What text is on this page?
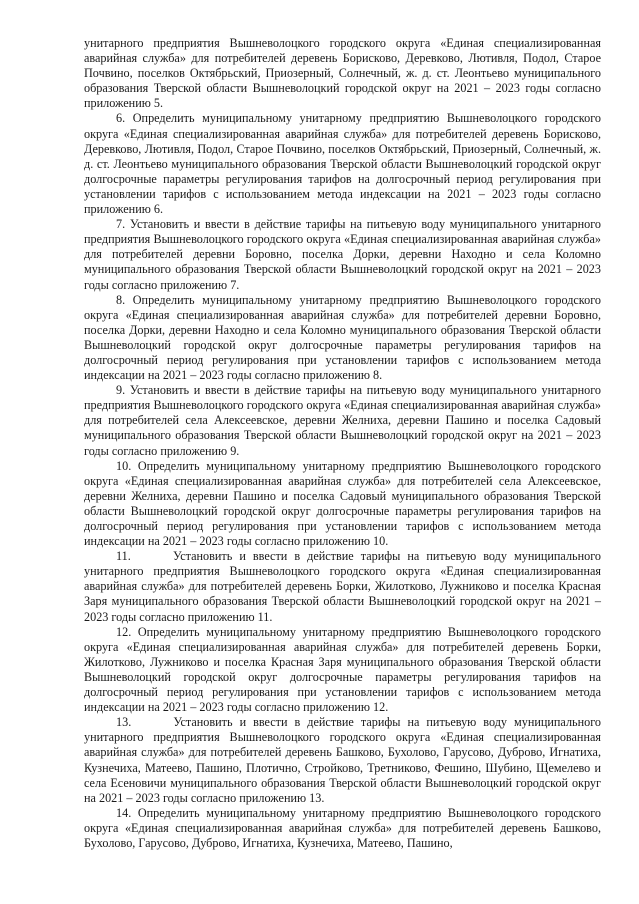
унитарного предприятия Вышневолоцкого городского округа «Единая специализированная аварийная служба» для потребителей деревень Борисково, Деревково, Лютивля, Подол, Старое Почвино, поселков Октябрьский, Приозерный, Солнечный, ж. д. ст. Леонтьево муниципального образования Тверской области Вышневолоцкий городской округ на 2021 – 2023 годы согласно приложению 5.

6. Определить муниципальному унитарному предприятию Вышневолоцкого городского округа «Единая специализированная аварийная служба» для потребителей деревень Борисково, Деревково, Лютивля, Подол, Старое Почвино, поселков Октябрьский, Приозерный, Солнечный, ж. д. ст. Леонтьево муниципального образования Тверской области Вышневолоцкий городской округ долгосрочные параметры регулирования тарифов на долгосрочный период регулирования при установлении тарифов с использованием метода индексации на 2021 – 2023 годы согласно приложению 6.

7. Установить и ввести в действие тарифы на питьевую воду муниципального унитарного предприятия Вышневолоцкого городского округа «Единая специализированная аварийная служба» для потребителей деревни Боровно, поселка Дорки, деревни Находно и села Коломно муниципального образования Тверской области Вышневолоцкий городской округ на 2021 – 2023 годы согласно приложению 7.

8. Определить муниципальному унитарному предприятию Вышневолоцкого городского округа «Единая специализированная аварийная служба» для потребителей деревни Боровно, поселка Дорки, деревни Находно и села Коломно муниципального образования Тверской области Вышневолоцкий городской округ долгосрочные параметры регулирования тарифов на долгосрочный период регулирования при установлении тарифов с использованием метода индексации на 2021 – 2023 годы согласно приложению 8.

9. Установить и ввести в действие тарифы на питьевую воду муниципального унитарного предприятия Вышневолоцкого городского округа «Единая специализированная аварийная служба» для потребителей села Алексеевское, деревни Желниха, деревни Пашино и поселка Садовый муниципального образования Тверской области Вышневолоцкий городской округ на 2021 – 2023 годы согласно приложению 9.

10. Определить муниципальному унитарному предприятию Вышневолоцкого городского округа «Единая специализированная аварийная служба» для потребителей села Алексеевское, деревни Желниха, деревни Пашино и поселка Садовый муниципального образования Тверской области Вышневолоцкий городской округ долгосрочные параметры регулирования тарифов на долгосрочный период регулирования при установлении тарифов с использованием метода индексации на 2021 – 2023 годы согласно приложению 10.

11.      Установить и ввести в действие тарифы на питьевую воду муниципального унитарного предприятия Вышневолоцкого городского округа «Единая специализированная аварийная служба» для потребителей деревень Борки, Жилотково, Лужниково и поселка Красная Заря муниципального образования Тверской области Вышневолоцкий городской округ на 2021 – 2023 годы согласно приложению 11.

12. Определить муниципальному унитарному предприятию Вышневолоцкого городского округа «Единая специализированная аварийная служба» для потребителей деревень Борки, Жилотково, Лужниково и поселка Красная Заря муниципального образования Тверской области Вышневолоцкий городской округ долгосрочные параметры регулирования тарифов на долгосрочный период регулирования при установлении тарифов с использованием метода индексации на 2021 – 2023 годы согласно приложению 12.

13.      Установить и ввести в действие тарифы на питьевую воду муниципального унитарного предприятия Вышневолоцкого городского округа «Единая специализированная аварийная служба» для потребителей деревень Башково, Бухолово, Гарусово, Дуброво, Игнатиха, Кузнечиха, Матеево, Пашино, Плотично, Стройково, Третниково, Фешино, Шубино, Щемелево и села Есеновичи муниципального образования Тверской области Вышневолоцкий городской округ на 2021 – 2023 годы согласно приложению 13.

14. Определить муниципальному унитарному предприятию Вышневолоцкого городского округа «Единая специализированная аварийная служба» для потребителей деревень Башково, Бухолово, Гарусово, Дуброво, Игнатиха, Кузнечиха, Матеево, Пашино,
